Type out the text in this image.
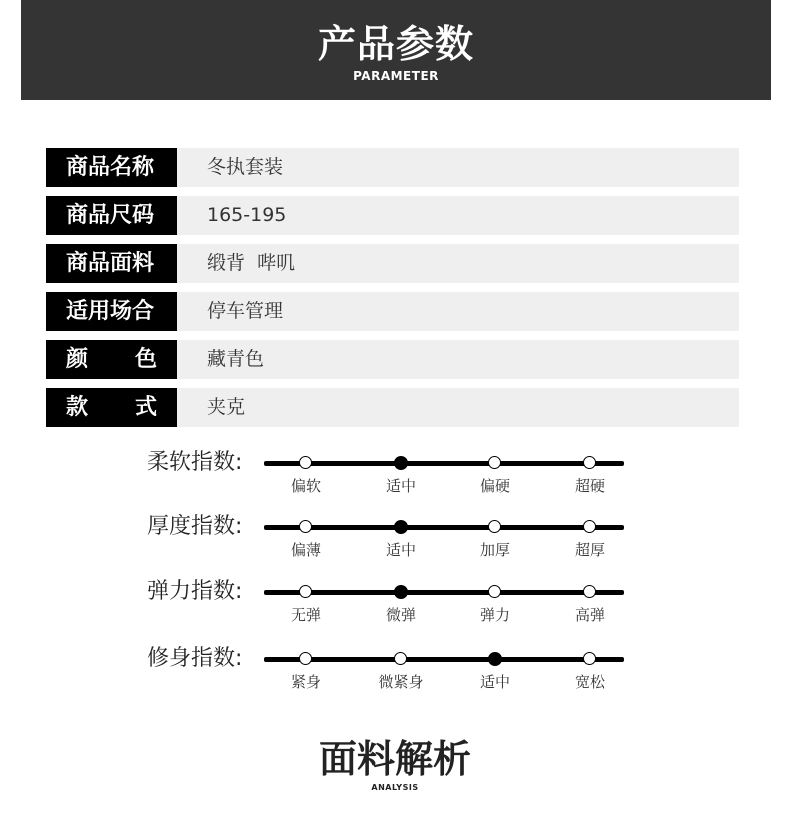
产品参数
PARAMETER
商品名称	冬执套装
商品尺码	165-195
商品面料	缎背  哔叽
适用场合	停车管理
颜 色	藏青色
款 式	夹克
柔软指数:
偏软	适中	偏硬	超硬
厚度指数:
偏薄	适中	加厚	超厚
弹力指数:
无弹	微弹	弹力	高弹
修身指数:
紧身	微紧身	适中	宽松
面料解析
ANALYSIS
